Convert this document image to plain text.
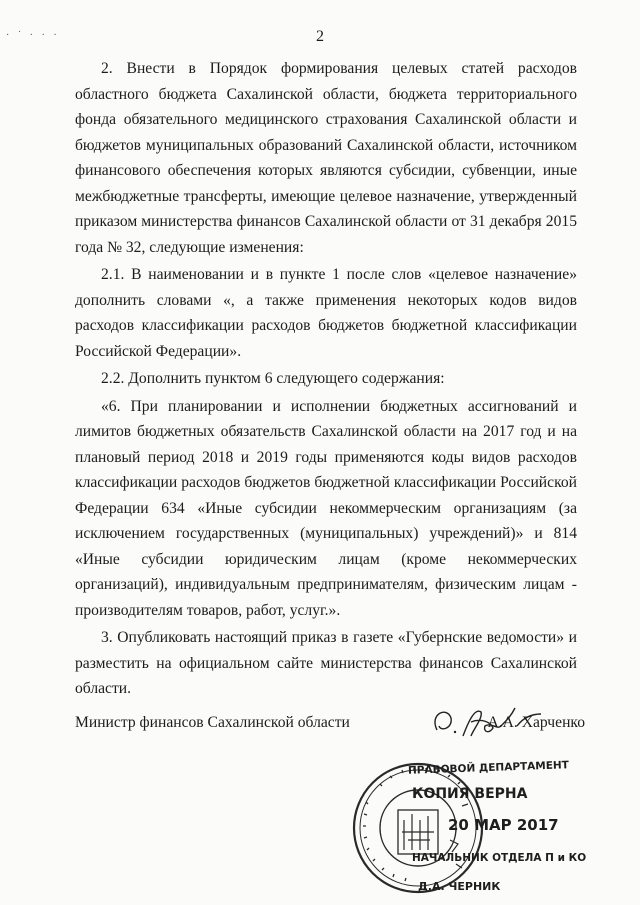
· ˙ · · ·	2

2. Внести в Порядок формирования целевых статей расходов областного бюджета Сахалинской области, бюджета территориального фонда обязательного медицинского страхования Сахалинской области и бюджетов муниципальных образований Сахалинской области, источником финансового обеспечения которых являются субсидии, субвенции, иные межбюджетные трансферты, имеющие целевое назначение, утвержденный приказом министерства финансов Сахалинской области от 31 декабря 2015 года № 32, следующие изменения:

2.1. В наименовании и в пункте 1 после слов «целевое назначение» дополнить словами «, а также применения некоторых кодов видов расходов классификации расходов бюджетов бюджетной классификации Российской Федерации».

2.2. Дополнить пунктом 6 следующего содержания:

«6. При планировании и исполнении бюджетных ассигнований и лимитов бюджетных обязательств Сахалинской области на 2017 год и на плановый период 2018 и 2019 годы применяются коды видов расходов классификации расходов бюджетов бюджетной классификации Российской Федерации 634 «Иные субсидии некоммерческим организациям (за исключением государственных (муниципальных) учреждений)» и 814 «Иные субсидии юридическим лицам (кроме некоммерческих организаций), индивидуальным предпринимателям, физическим лицам - производителям товаров, работ, услуг.».

3. Опубликовать настоящий приказ в газете «Губернские ведомости» и разместить на официальном сайте министерства финансов Сахалинской области.

Министр финансов Сахалинской области	А.А. Харченко
ПРАВОВОЙ ДЕПАРТАМЕНТ
КОПИЯ ВЕРНА
20 МАР 2017
НАЧАЛЬНИК ОТДЕЛА П и КО
Д.А. ЧЕРНИК
